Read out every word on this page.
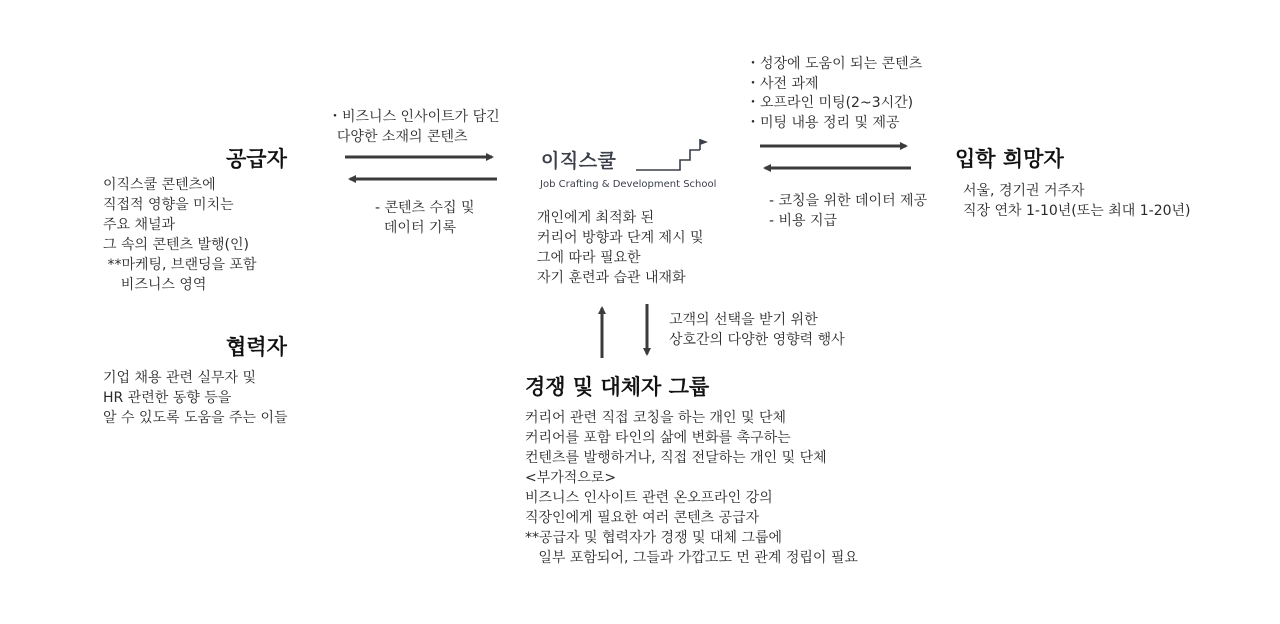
이직스쿨
Job Crafting & Development School
개인에게 최적화 된
커리어 방향과 단계 제시 및
그에 따라 필요한
자기 훈련과 습관 내재화
공급자
이직스쿨 콘텐츠에
직접적 영향을 미치는
주요 채널과
그 속의 콘텐츠 발행(인)
**마케팅, 브랜딩을 포함
비즈니스 영역
・비즈니스 인사이트가 담긴
다양한 소재의 콘텐츠
- 콘텐츠 수집 및
데이터 기록
입학 희망자
서울, 경기권 거주자
직장 연차 1-10년(또는 최대 1-20년)
・성장에 도움이 되는 콘텐츠
・사전 과제
・오프라인 미팅(2~3시간)
・미팅 내용 정리 및 제공
- 코칭을 위한 데이터 제공
- 비용 지급
협력자
기업 채용 관련 실무자 및
HR 관련한 동향 등을
알 수 있도록 도움을 주는 이들
고객의 선택을 받기 위한
상호간의 다양한 영향력 행사
경쟁 및 대체자 그룹
커리어 관련 직접 코칭을 하는 개인 및 단체
커리어를 포함 타인의 삶에 변화를 촉구하는
컨텐츠를 발행하거나, 직접 전달하는 개인 및 단체
<부가적으로>
비즈니스 인사이트 관련 온오프라인 강의
직장인에게 필요한 여러 콘텐츠 공급자
**공급자 및 협력자가 경쟁 및 대체 그룹에
일부 포함되어, 그들과 가깝고도 먼 관계 정립이 필요
